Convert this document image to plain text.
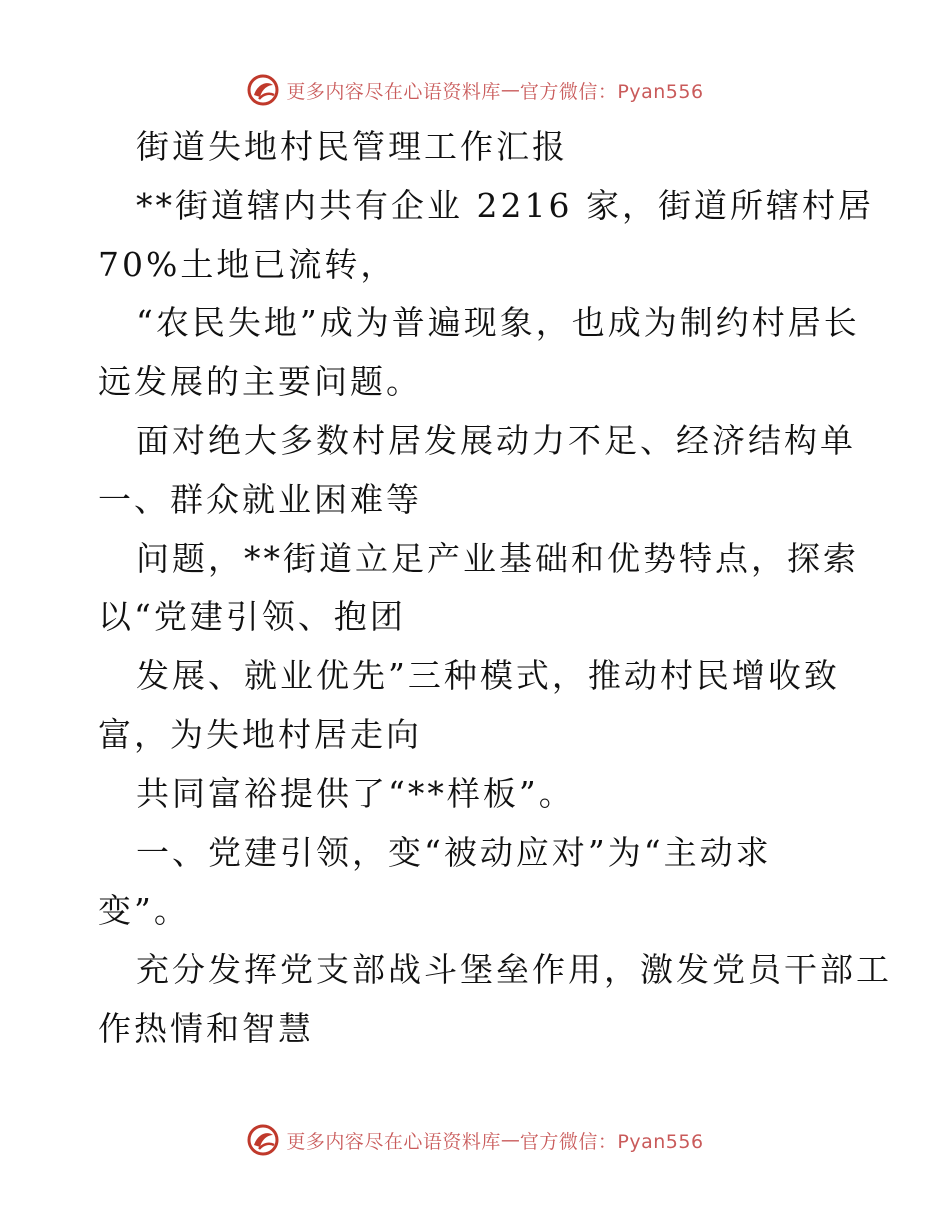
更多内容尽在心语资料库 — 官方微信：Pyan556
街道失地村民管理工作汇报
**街道辖内共有企业 2216 家，街道所辖村居
70%土地已流转，
“农民失地”成为普遍现象，也成为制约村居长
远发展的主要问题。
面对绝大多数村居发展动力不足、经济结构单
一、群众就业困难等
问题，**街道立足产业基础和优势特点，探索
以“党建引领、抱团
发展、就业优先”三种模式，推动村民增收致
富，为失地村居走向
共同富裕提供了“**样板”。
一、党建引领，变“被动应对”为“主动求
变”。
充分发挥党支部战斗堡垒作用，激发党员干部工
作热情和智慧
更多内容尽在心语资料库 — 官方微信：Pyan556
